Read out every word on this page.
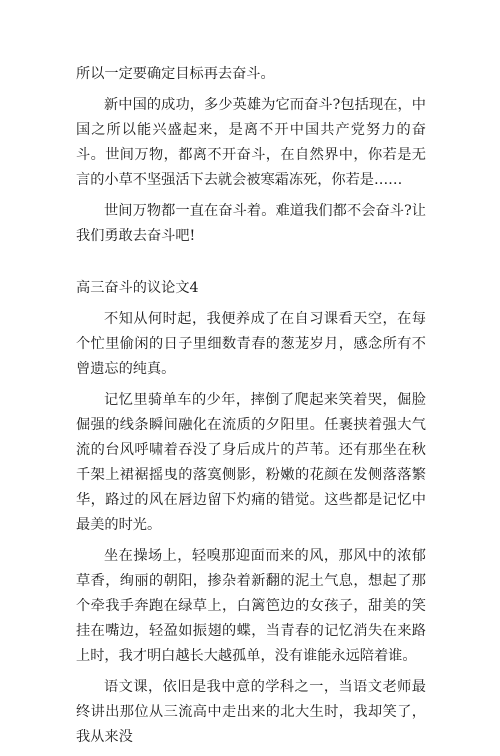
所以一定要确定目标再去奋斗。

新中国的成功，多少英雄为它而奋斗?包括现在，中国之所以能兴盛起来，是离不开中国共产党努力的奋斗。世间万物，都离不开奋斗，在自然界中，你若是无言的小草不坚强活下去就会被寒霜冻死，你若是……

世间万物都一直在奋斗着。难道我们都不会奋斗?让我们勇敢去奋斗吧!

高三奋斗的议论文4

不知从何时起，我便养成了在自习课看天空，在每个忙里偷闲的日子里细数青春的葱茏岁月，感念所有不曾遗忘的纯真。

记忆里骑单车的少年，摔倒了爬起来笑着哭，倔脸倔强的线条瞬间融化在流质的夕阳里。任裹挟着强大气流的台风呼啸着吞没了身后成片的芦苇。还有那坐在秋千架上裙裾摇曳的落寞侧影，粉嫩的花颜在发侧落落繁华，路过的风在唇边留下灼痛的错觉。这些都是记忆中最美的时光。

坐在操场上，轻嗅那迎面而来的风，那风中的浓郁草香，绚丽的朝阳，掺杂着新翻的泥土气息，想起了那个牵我手奔跑在绿草上，白篱笆边的女孩子，甜美的笑挂在嘴边，轻盈如振翅的蝶，当青春的记忆消失在来路上时，我才明白越长大越孤单，没有谁能永远陪着谁。

语文课，依旧是我中意的学科之一，当语文老师最终讲出那位从三流高中走出来的北大生时，我却笑了，我从来没
